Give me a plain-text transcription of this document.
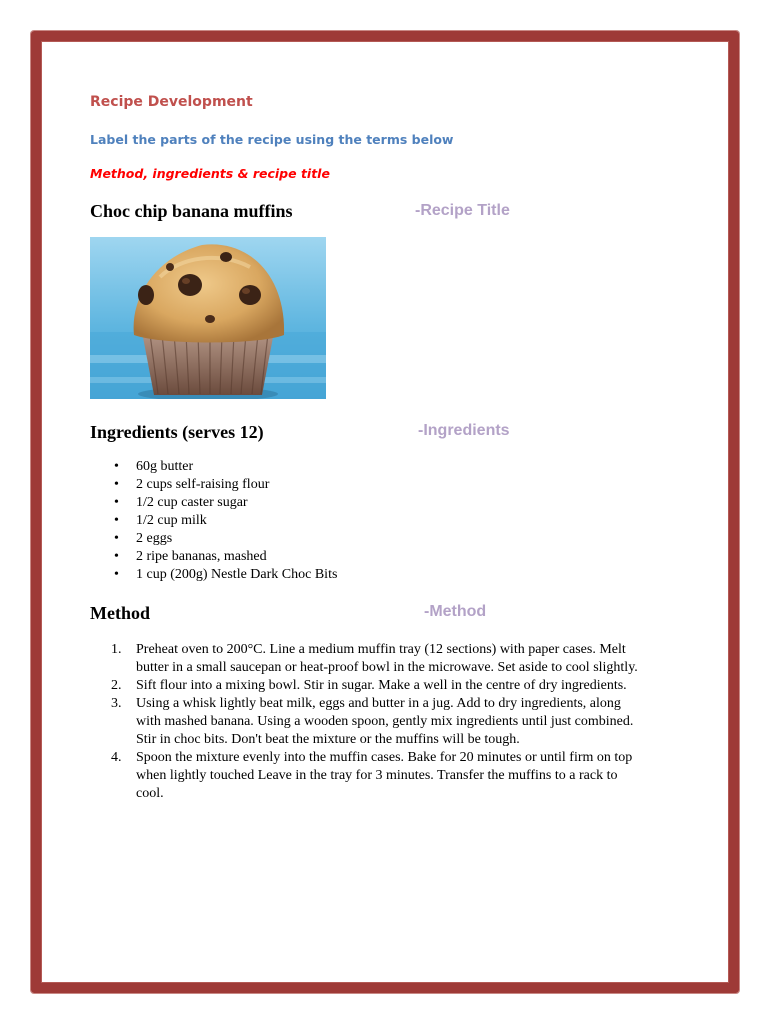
Recipe Development

Label the parts of the recipe using the terms below

Method, ingredients & recipe title

Choc chip banana muffins	-Recipe Title

Ingredients (serves 12)	-Ingredients

• 60g butter
• 2 cups self-raising flour
• 1/2 cup caster sugar
• 1/2 cup milk
• 2 eggs
• 2 ripe bananas, mashed
• 1 cup (200g) Nestle Dark Choc Bits
Method	-Method

1. Preheat oven to 200°C. Line a medium muffin tray (12 sections) with paper cases. Melt
butter in a small saucepan or heat-proof bowl in the microwave. Set aside to cool slightly.
2. Sift flour into a mixing bowl. Stir in sugar. Make a well in the centre of dry ingredients.
3. Using a whisk lightly beat milk, eggs and butter in a jug. Add to dry ingredients, along
with mashed banana. Using a wooden spoon, gently mix ingredients until just combined.
Stir in choc bits. Don't beat the mixture or the muffins will be tough.
4. Spoon the mixture evenly into the muffin cases. Bake for 20 minutes or until firm on top
when lightly touched Leave in the tray for 3 minutes. Transfer the muffins to a rack to
cool.
